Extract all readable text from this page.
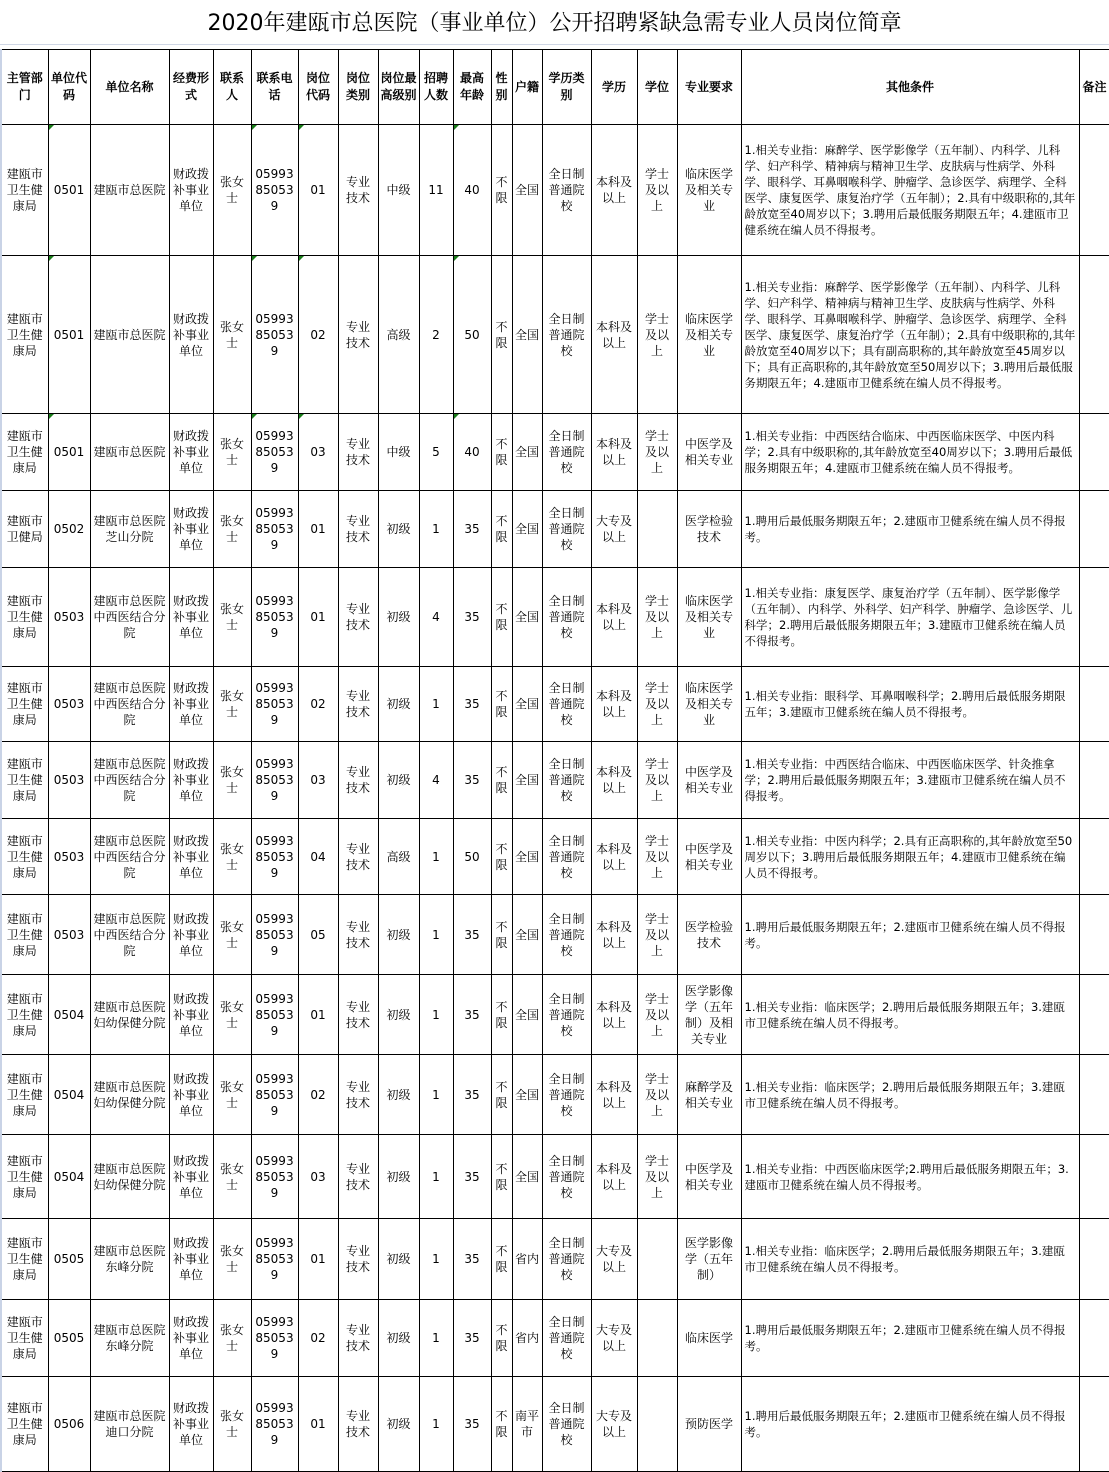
2020年建瓯市总医院（事业单位）公开招聘紧缺急需专业人员岗位简章
主管部门	单位代码	单位名称	经费形式	联系人	联系电话	岗位代码	岗位类别	岗位最高级别	招聘人数	最高年龄	性别	户籍	学历类别	学历	学位	专业要求	其他条件	备注
建瓯市卫生健康局	0501	建瓯市总医院	财政拨补事业单位	张女士	05993850539	01	专业技术	中级	11	40	不限	全国	全日制普通院校	本科及以上	学士及以上	临床医学及相关专业	1.相关专业指：麻醉学、医学影像学（五年制）、内科学、儿科学、妇产科学、精神病与精神卫生学、皮肤病与性病学、外科学、眼科学、耳鼻咽喉科学、肿瘤学、急诊医学、病理学、全科医学、康复医学、康复治疗学（五年制）；2.具有中级职称的,其年龄放宽至40周岁以下；3.聘用后最低服务期限五年；4.建瓯市卫健系统在编人员不得报考。	
建瓯市卫生健康局	0501	建瓯市总医院	财政拨补事业单位	张女士	05993850539	02	专业技术	高级	2	50	不限	全国	全日制普通院校	本科及以上	学士及以上	临床医学及相关专业	1.相关专业指：麻醉学、医学影像学（五年制）、内科学、儿科学、妇产科学、精神病与精神卫生学、皮肤病与性病学、外科学、眼科学、耳鼻咽喉科学、肿瘤学、急诊医学、病理学、全科医学、康复医学、康复治疗学（五年制）；2.具有中级职称的,其年龄放宽至40周岁以下；具有副高职称的,其年龄放宽至45周岁以下；具有正高职称的,其年龄放宽至50周岁以下；3.聘用后最低服务期限五年；4.建瓯市卫健系统在编人员不得报考。	
建瓯市卫生健康局	0501	建瓯市总医院	财政拨补事业单位	张女士	05993850539	03	专业技术	中级	5	40	不限	全国	全日制普通院校	本科及以上	学士及以上	中医学及相关专业	1.相关专业指：中西医结合临床、中西医临床医学、中医内科学；2.具有中级职称的,其年龄放宽至40周岁以下；3.聘用后最低服务期限五年；4.建瓯市卫健系统在编人员不得报考。	
建瓯市卫健局	0502	建瓯市总医院芝山分院	财政拨补事业单位	张女士	05993850539	01	专业技术	初级	1	35	不限	全国	全日制普通院校	大专及以上		医学检验技术	1.聘用后最低服务期限五年；2.建瓯市卫健系统在编人员不得报考。	
建瓯市卫生健康局	0503	建瓯市总医院中西医结合分院	财政拨补事业单位	张女士	05993850539	01	专业技术	初级	4	35	不限	全国	全日制普通院校	本科及以上	学士及以上	临床医学及相关专业	1.相关专业指：康复医学、康复治疗学（五年制）、医学影像学（五年制）、内科学、外科学、妇产科学、肿瘤学、急诊医学、儿科学；2.聘用后最低服务期限五年；3.建瓯市卫健系统在编人员不得报考。	
建瓯市卫生健康局	0503	建瓯市总医院中西医结合分院	财政拨补事业单位	张女士	05993850539	02	专业技术	初级	1	35	不限	全国	全日制普通院校	本科及以上	学士及以上	临床医学及相关专业	1.相关专业指：眼科学、耳鼻咽喉科学；2.聘用后最低服务期限五年；3.建瓯市卫健系统在编人员不得报考。	
建瓯市卫生健康局	0503	建瓯市总医院中西医结合分院	财政拨补事业单位	张女士	05993850539	03	专业技术	初级	4	35	不限	全国	全日制普通院校	本科及以上	学士及以上	中医学及相关专业	1.相关专业指：中西医结合临床、中西医临床医学、针灸推拿学；2.聘用后最低服务期限五年；3.建瓯市卫健系统在编人员不得报考。	
建瓯市卫生健康局	0503	建瓯市总医院中西医结合分院	财政拨补事业单位	张女士	05993850539	04	专业技术	高级	1	50	不限	全国	全日制普通院校	本科及以上	学士及以上	中医学及相关专业	1.相关专业指：中医内科学；2.具有正高职称的,其年龄放宽至50周岁以下；3.聘用后最低服务期限五年；4.建瓯市卫健系统在编人员不得报考。	
建瓯市卫生健康局	0503	建瓯市总医院中西医结合分院	财政拨补事业单位	张女士	05993850539	05	专业技术	初级	1	35	不限	全国	全日制普通院校	本科及以上	学士及以上	医学检验技术	1.聘用后最低服务期限五年；2.建瓯市卫健系统在编人员不得报考。	
建瓯市卫生健康局	0504	建瓯市总医院妇幼保健分院	财政拨补事业单位	张女士	05993850539	01	专业技术	初级	1	35	不限	全国	全日制普通院校	本科及以上	学士及以上	医学影像学（五年制）及相关专业	1.相关专业指：临床医学；2.聘用后最低服务期限五年；3.建瓯市卫健系统在编人员不得报考。	
建瓯市卫生健康局	0504	建瓯市总医院妇幼保健分院	财政拨补事业单位	张女士	05993850539	02	专业技术	初级	1	35	不限	全国	全日制普通院校	本科及以上	学士及以上	麻醉学及相关专业	1.相关专业指：临床医学；2.聘用后最低服务期限五年；3.建瓯市卫健系统在编人员不得报考。	
建瓯市卫生健康局	0504	建瓯市总医院妇幼保健分院	财政拨补事业单位	张女士	05993850539	03	专业技术	初级	1	35	不限	全国	全日制普通院校	本科及以上	学士及以上	中医学及相关专业	1.相关专业指：中西医临床医学;2.聘用后最低服务期限五年；3.建瓯市卫健系统在编人员不得报考。	
建瓯市卫生健康局	0505	建瓯市总医院东峰分院	财政拨补事业单位	张女士	05993850539	01	专业技术	初级	1	35	不限	省内	全日制普通院校	大专及以上		医学影像学（五年制）	1.相关专业指：临床医学；2.聘用后最低服务期限五年；3.建瓯市卫健系统在编人员不得报考。	
建瓯市卫生健康局	0505	建瓯市总医院东峰分院	财政拨补事业单位	张女士	05993850539	02	专业技术	初级	1	35	不限	省内	全日制普通院校	大专及以上		临床医学	1.聘用后最低服务期限五年；2.建瓯市卫健系统在编人员不得报考。	
建瓯市卫生健康局	0506	建瓯市总医院迪口分院	财政拨补事业单位	张女士	05993850539	01	专业技术	初级	1	35	不限	南平市	全日制普通院校	大专及以上		预防医学	1.聘用后最低服务期限五年；2.建瓯市卫健系统在编人员不得报考。	
